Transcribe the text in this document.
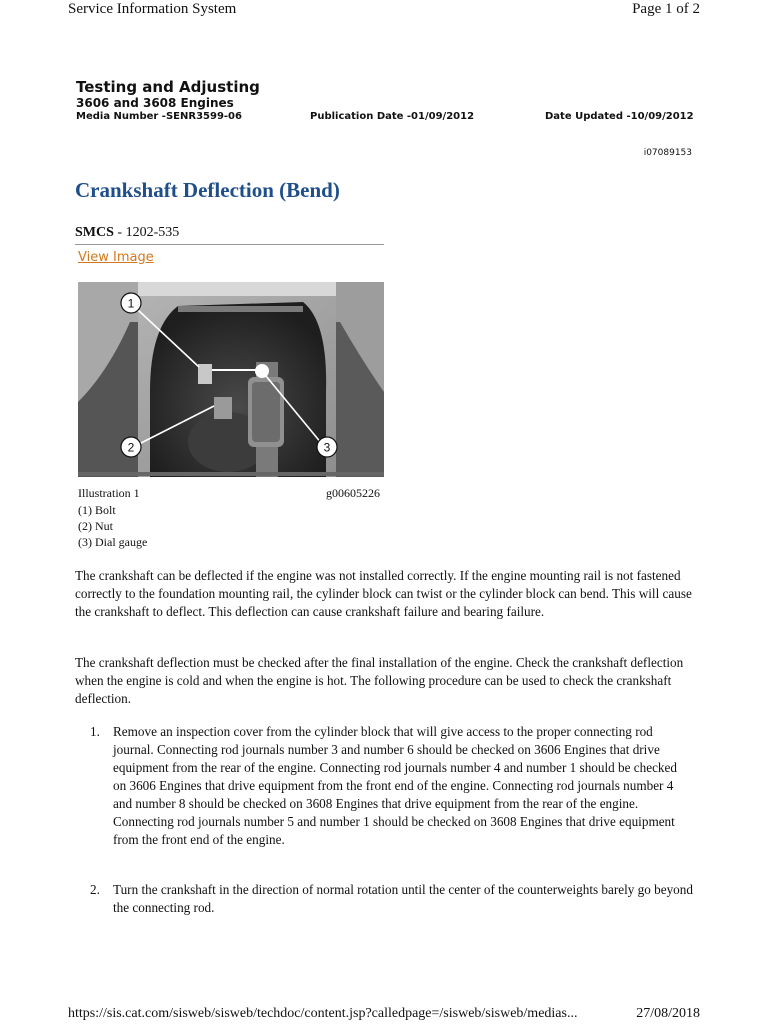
Service Information System	Page 1 of 2
Testing and Adjusting
3606 and 3608 Engines
Media Number -SENR3599-06	Publication Date -01/09/2012	Date Updated -10/09/2012
i07089153
Crankshaft Deflection (Bend)
SMCS - 1202-535
View Image
1
2	3
Illustration 1	g00605226
(1) Bolt
(2) Nut
(3) Dial gauge

The crankshaft can be deflected if the engine was not installed correctly. If the engine mounting rail is not fastened correctly to the foundation mounting rail, the cylinder block can twist or the cylinder block can bend. This will cause the crankshaft to deflect. This deflection can cause crankshaft failure and bearing failure.

The crankshaft deflection must be checked after the final installation of the engine. Check the crankshaft deflection when the engine is cold and when the engine is hot. The following procedure can be used to check the crankshaft deflection.

1. Remove an inspection cover from the cylinder block that will give access to the proper connecting rod journal. Connecting rod journals number 3 and number 6 should be checked on 3606 Engines that drive equipment from the rear of the engine. Connecting rod journals number 4 and number 1 should be checked on 3606 Engines that drive equipment from the front end of the engine. Connecting rod journals number 4 and number 8 should be checked on 3608 Engines that drive equipment from the rear of the engine. Connecting rod journals number 5 and number 1 should be checked on 3608 Engines that drive equipment from the front end of the engine.
2. Turn the crankshaft in the direction of normal rotation until the center of the counterweights barely go beyond the connecting rod.
https://sis.cat.com/sisweb/sisweb/techdoc/content.jsp?calledpage=/sisweb/sisweb/medias...	27/08/2018
